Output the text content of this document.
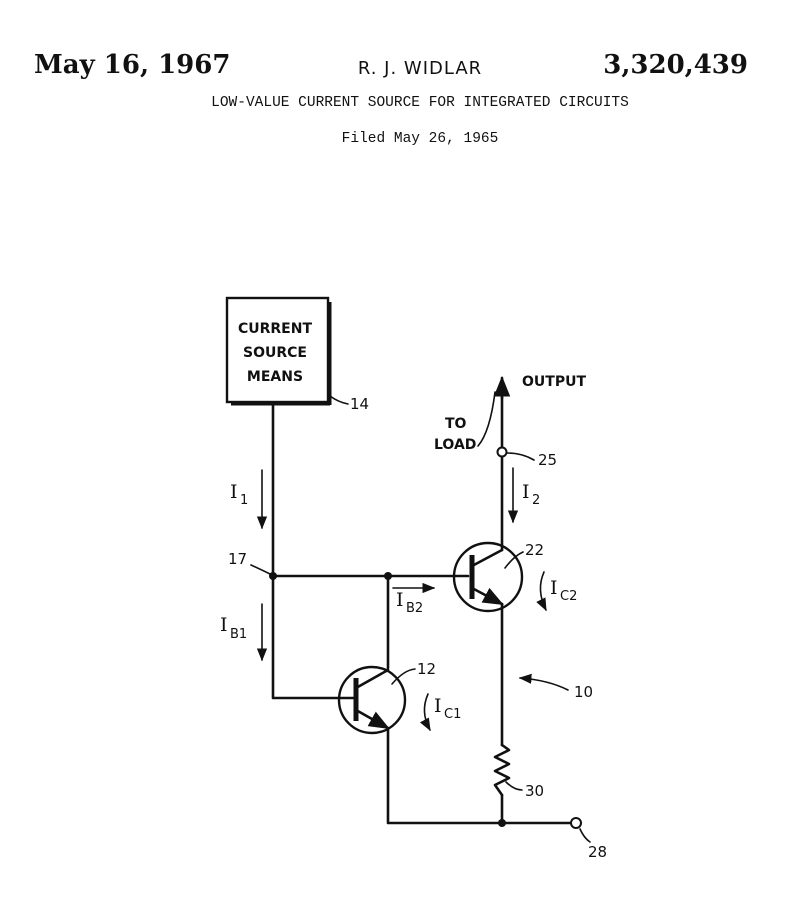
May 16, 1967	R. J. WIDLAR	3,320,439
LOW-VALUE CURRENT SOURCE FOR INTEGRATED CIRCUITS
Filed May 26, 1965
CURRENT
SOURCE
MEANS	OUTPUT
TO
LOAD
14
17
25
22
12
10
30
28
I 1
I B1
I B2
I 2
I C2
I C1
